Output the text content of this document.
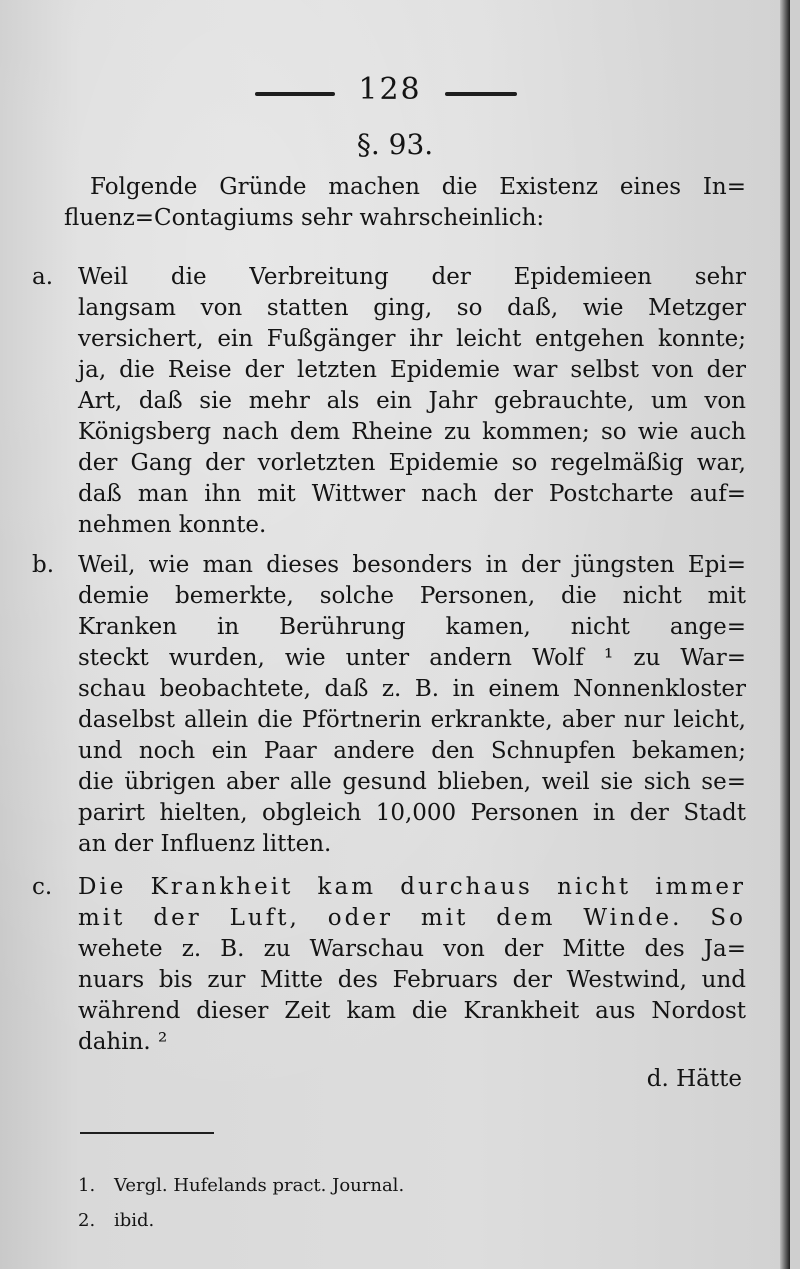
128
§. 93.
Folgende Gründe machen die Existenz eines In=
fluenz=Contagiums sehr wahrscheinlich:
a. Weil die Verbreitung der Epidemieen sehr
langsam von statten ging, so daß, wie Metzger
versichert, ein Fußgänger ihr leicht entgehen konnte;
ja, die Reise der letzten Epidemie war selbst von der
Art, daß sie mehr als ein Jahr gebrauchte, um von
Königsberg nach dem Rheine zu kommen; so wie auch
der Gang der vorletzten Epidemie so regelmäßig war,
daß man ihn mit Wittwer nach der Postcharte auf=
nehmen konnte.
b. Weil, wie man dieses besonders in der jüngsten Epi=
demie bemerkte, solche Personen, die nicht mit
Kranken in Berührung kamen, nicht ange=
steckt wurden, wie unter andern Wolf ¹ zu War=
schau beobachtete, daß z. B. in einem Nonnenkloster
daselbst allein die Pförtnerin erkrankte, aber nur leicht,
und noch ein Paar andere den Schnupfen bekamen;
die übrigen aber alle gesund blieben, weil sie sich se=
parirt hielten, obgleich 10,000 Personen in der Stadt
an der Influenz litten.
c. Die Krankheit kam durchaus nicht immer
mit der Luft, oder mit dem Winde. So
wehete z. B. zu Warschau von der Mitte des Ja=
nuars bis zur Mitte des Februars der Westwind, und
während dieser Zeit kam die Krankheit aus Nordost
dahin. ²
d. Hätte
1. Vergl. Hufelands pract. Journal.
2. ibid.
